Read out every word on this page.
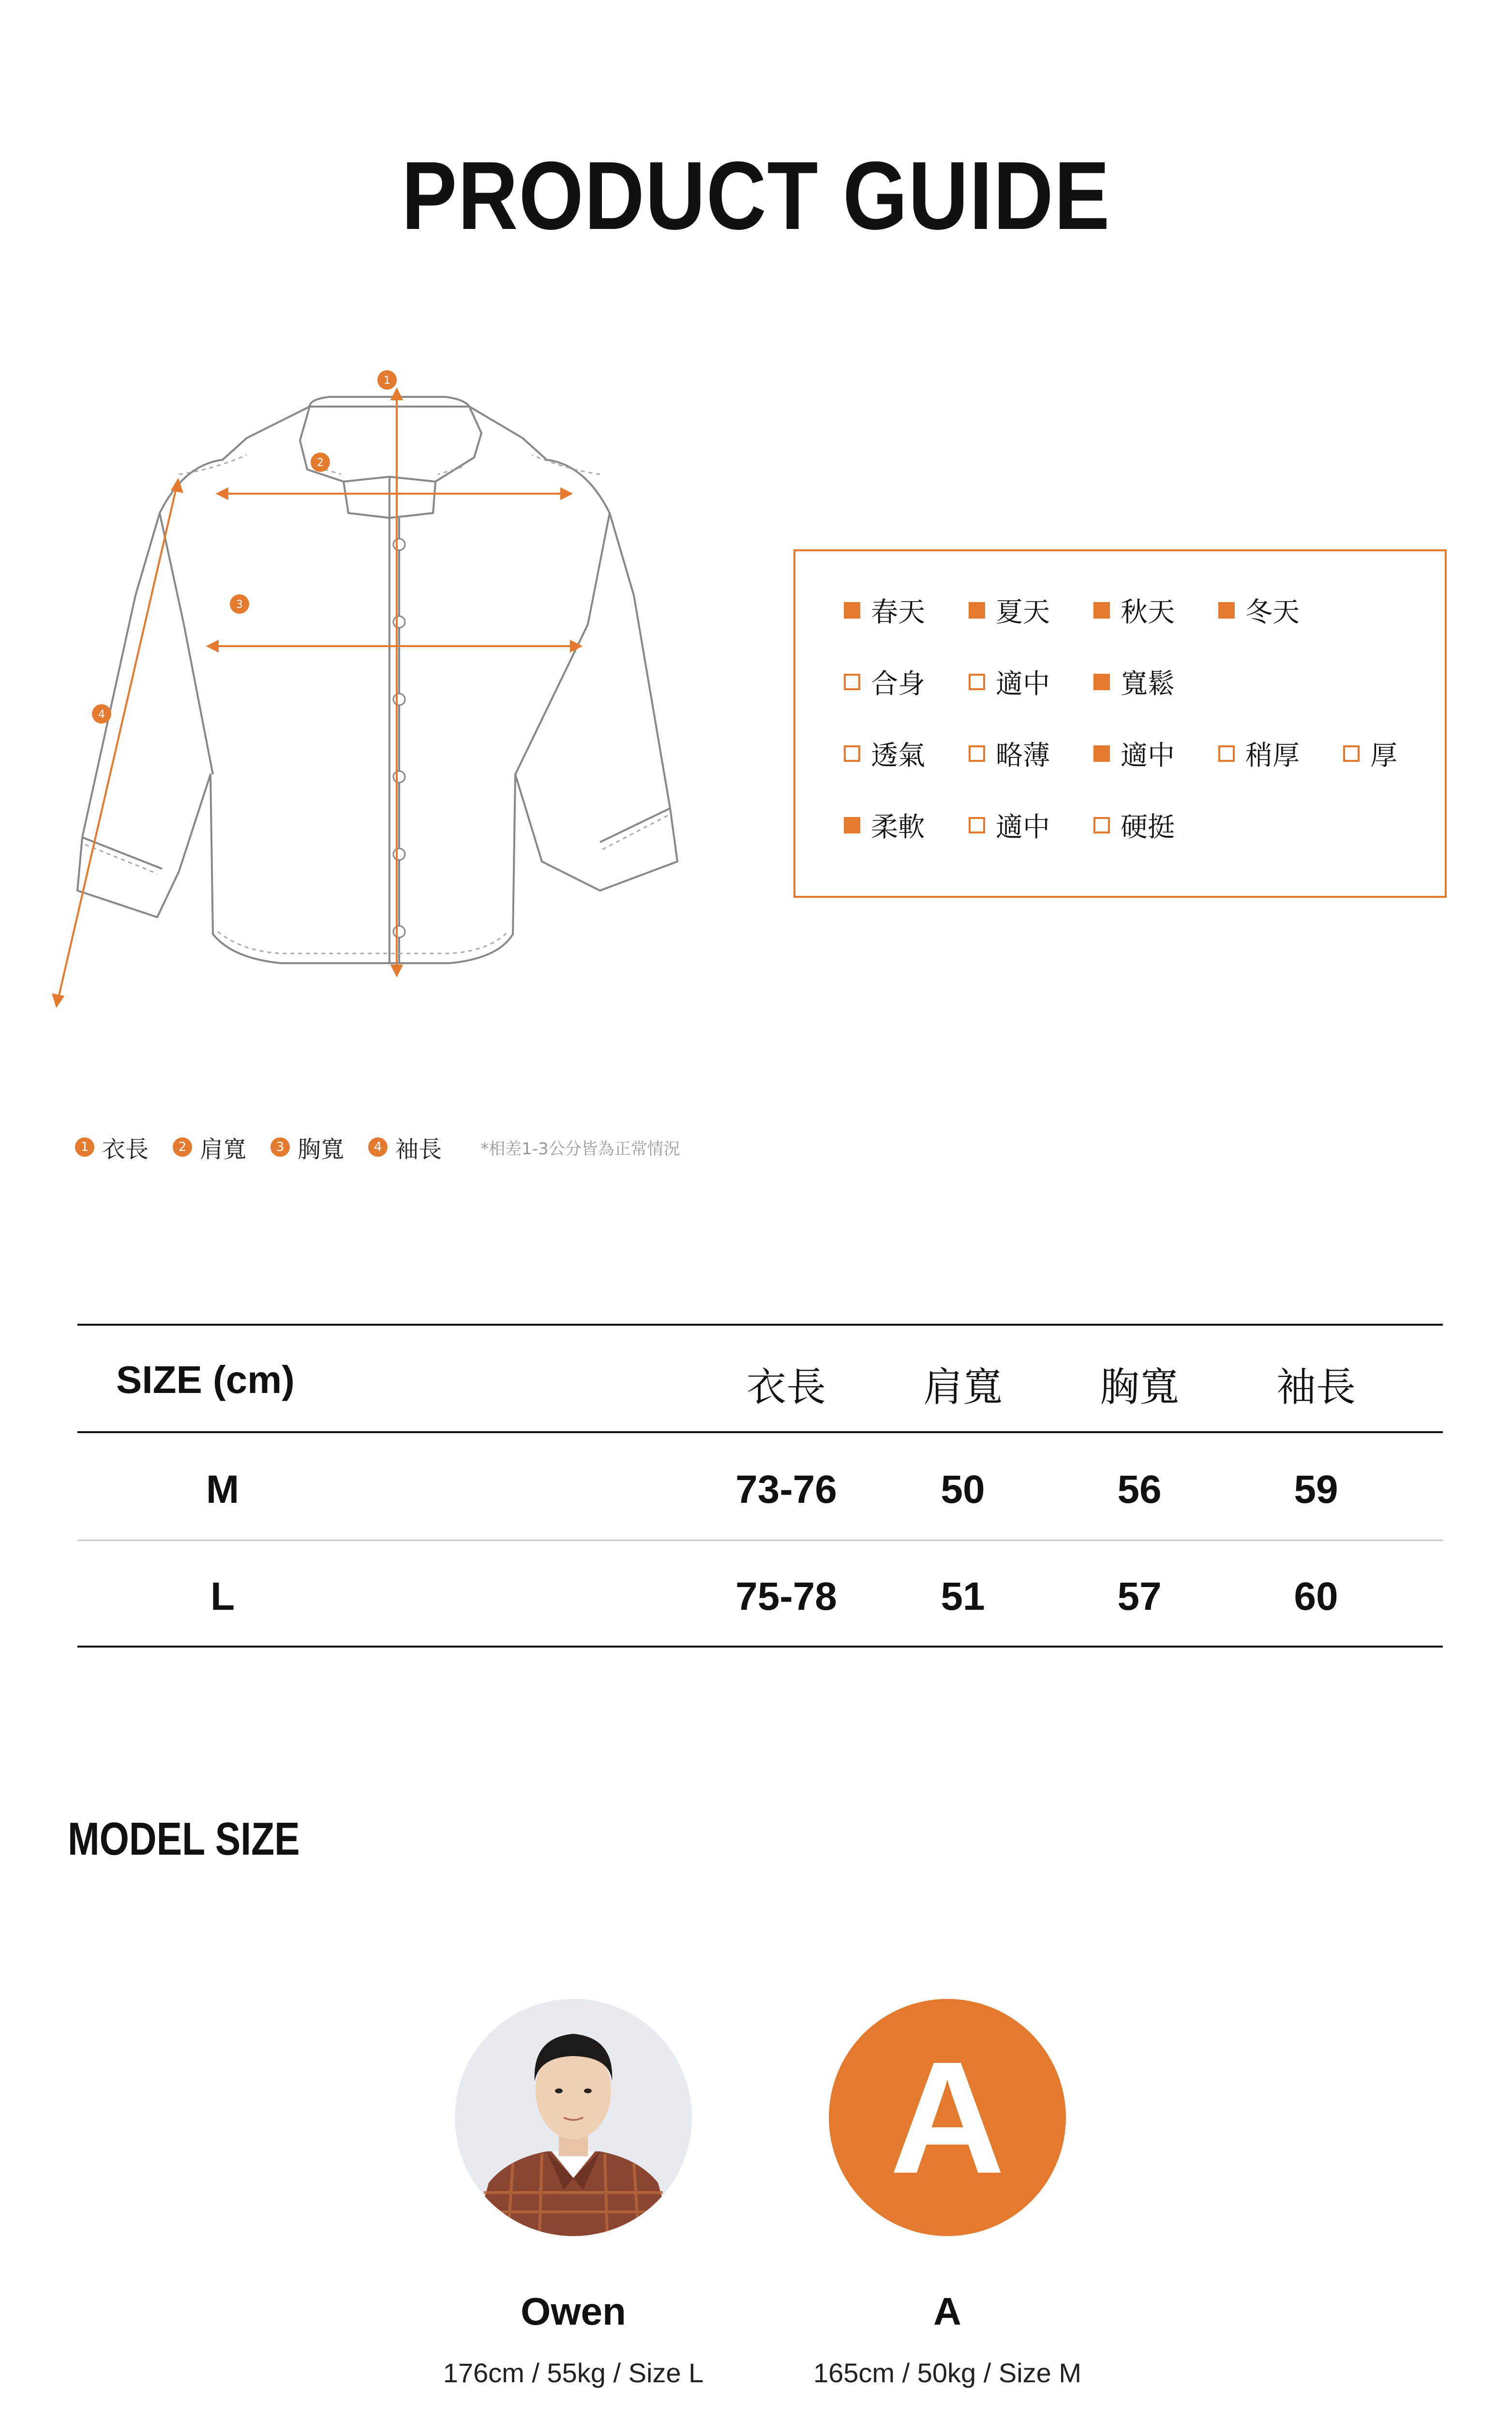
PRODUCT GUIDE
1
2
3
4
春天	夏天	秋天	冬天
合身	適中	寬鬆
透氣	略薄	適中	稍厚	厚
柔軟	適中	硬挺
1 衣長	2 肩寬	3 胸寬	4 袖長 *相差1-3公分皆為正常情況
SIZE (cm)	衣長	肩寬	胸寬	袖長
M	73-76	50	56	59
L	75-78	51	57	60
MODEL SIZE
Owen
176cm / 55kg / Size L
A
A
165cm / 50kg / Size M
